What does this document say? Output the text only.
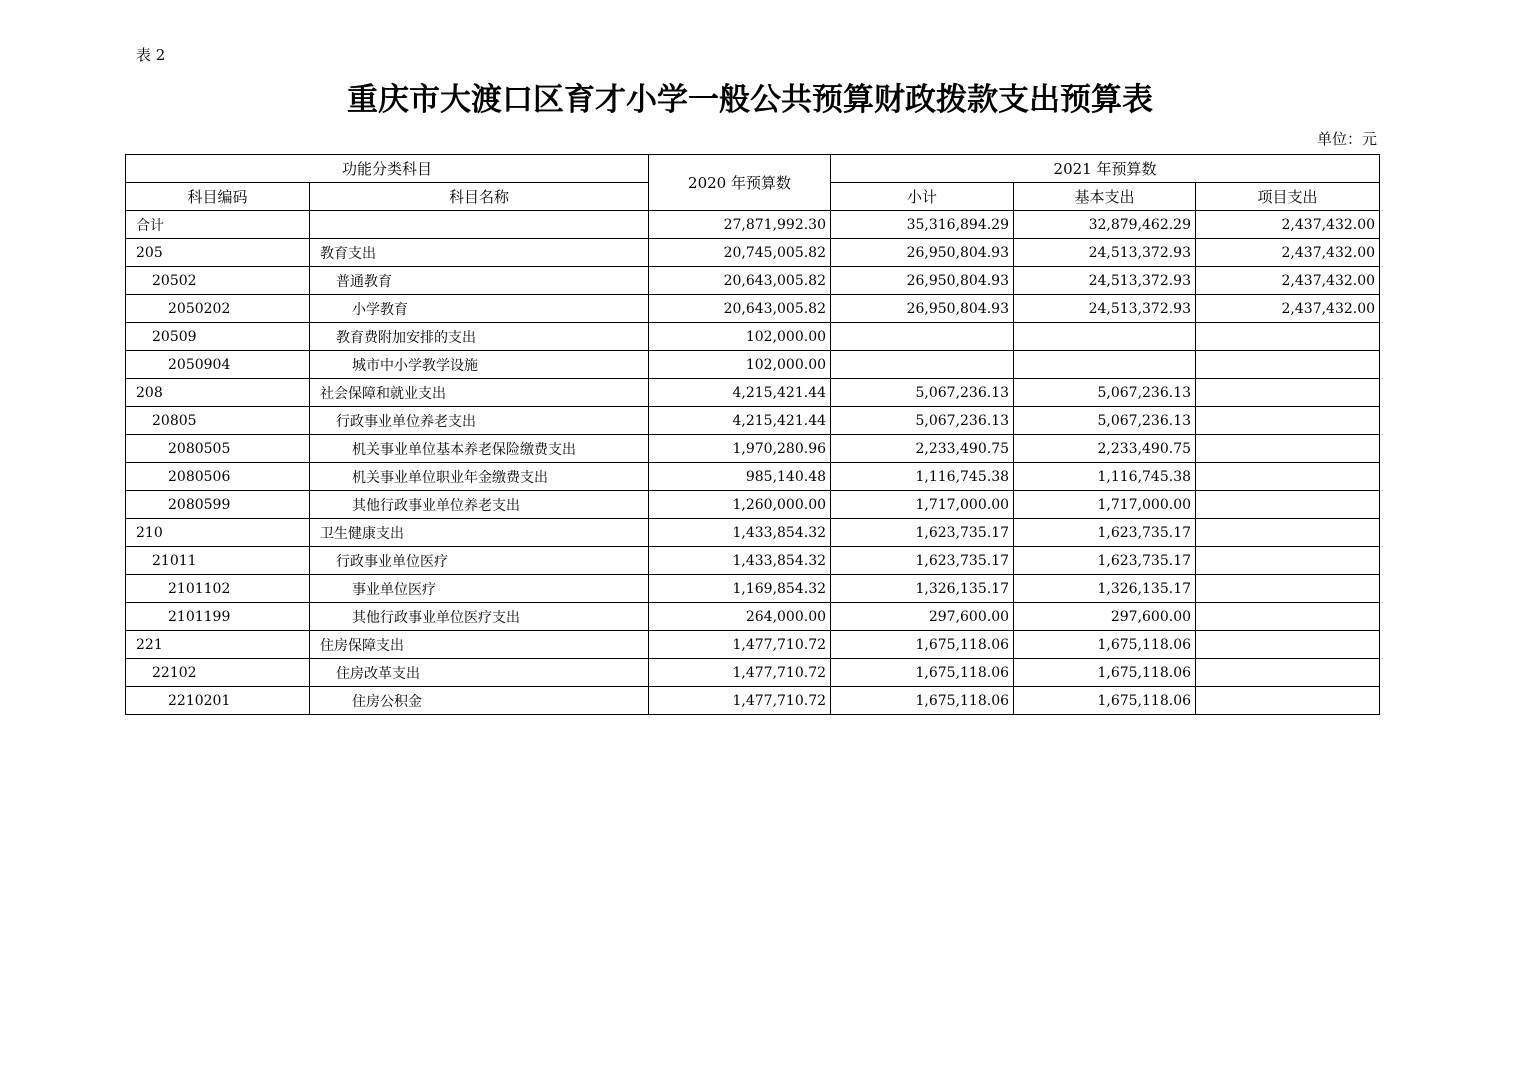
表 2
重庆市大渡口区育才小学一般公共预算财政拨款支出预算表
单位：元
功能分类科目		2020 年预算数	2021 年预算数		
科目编码	科目名称		小计	基本支出	项目支出
合计		27,871,992.30	35,316,894.29	32,879,462.29	2,437,432.00
205	教育支出	20,745,005.82	26,950,804.93	24,513,372.93	2,437,432.00
20502	普通教育	20,643,005.82	26,950,804.93	24,513,372.93	2,437,432.00
2050202	小学教育	20,643,005.82	26,950,804.93	24,513,372.93	2,437,432.00
20509	教育费附加安排的支出	102,000.00			
2050904	城市中小学教学设施	102,000.00			
208	社会保障和就业支出	4,215,421.44	5,067,236.13	5,067,236.13	
20805	行政事业单位养老支出	4,215,421.44	5,067,236.13	5,067,236.13	
2080505	机关事业单位基本养老保险缴费支出	1,970,280.96	2,233,490.75	2,233,490.75	
2080506	机关事业单位职业年金缴费支出	985,140.48	1,116,745.38	1,116,745.38	
2080599	其他行政事业单位养老支出	1,260,000.00	1,717,000.00	1,717,000.00	
210	卫生健康支出	1,433,854.32	1,623,735.17	1,623,735.17	
21011	行政事业单位医疗	1,433,854.32	1,623,735.17	1,623,735.17	
2101102	事业单位医疗	1,169,854.32	1,326,135.17	1,326,135.17	
2101199	其他行政事业单位医疗支出	264,000.00	297,600.00	297,600.00	
221	住房保障支出	1,477,710.72	1,675,118.06	1,675,118.06	
22102	住房改革支出	1,477,710.72	1,675,118.06	1,675,118.06	
2210201	住房公积金	1,477,710.72	1,675,118.06	1,675,118.06	
